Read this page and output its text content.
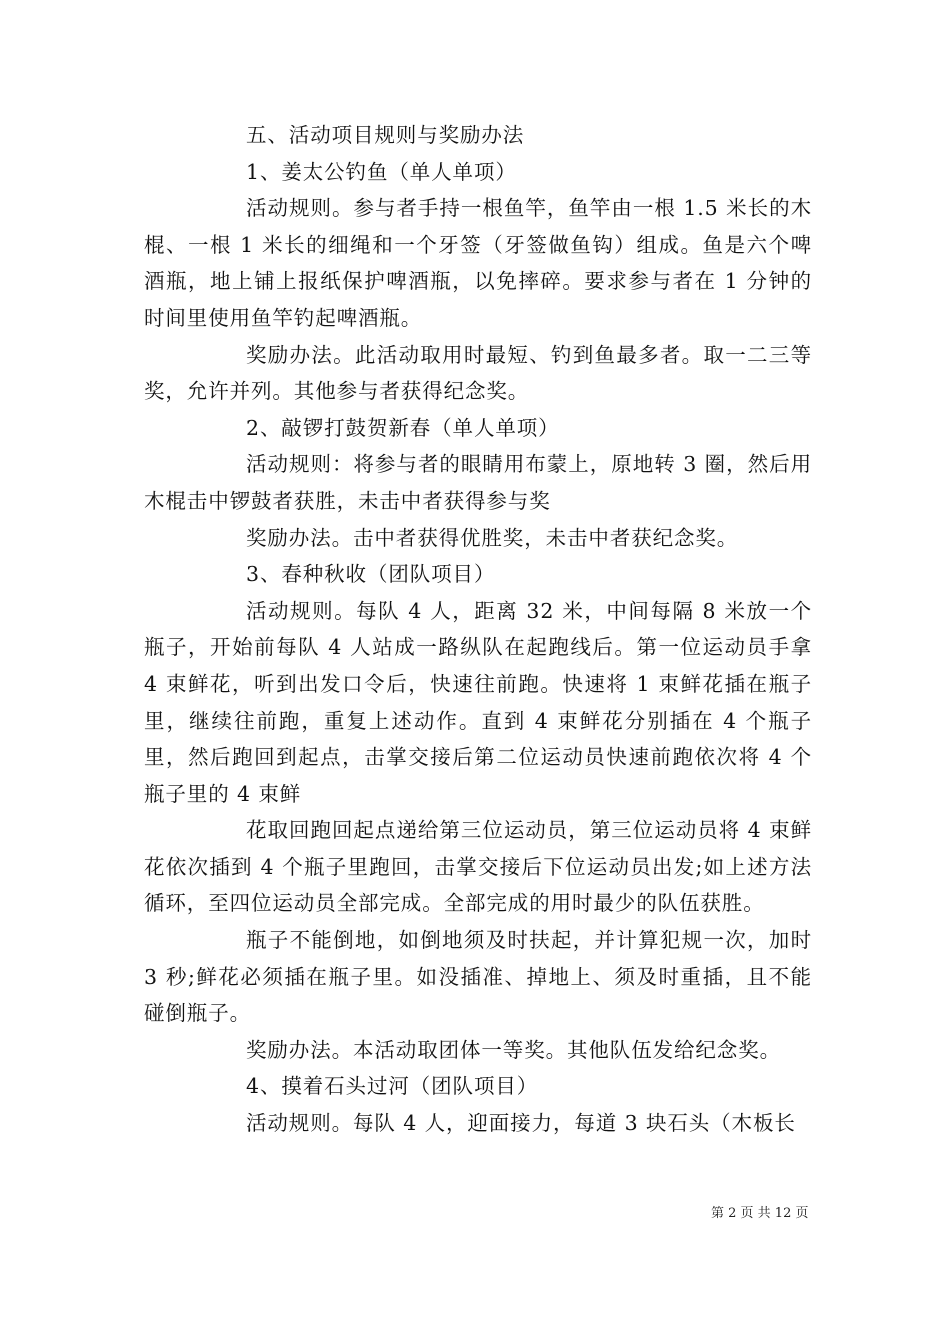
五、活动项目规则与奖励办法

1、姜太公钓鱼（单人单项）

活动规则。参与者手持一根鱼竿，鱼竿由一根 1.5 米长的木棍、一根 1 米长的细绳和一个牙签（牙签做鱼钩）组成。鱼是六个啤酒瓶，地上铺上报纸保护啤酒瓶，以免摔碎。要求参与者在 1 分钟的时间里使用鱼竿钓起啤酒瓶。

奖励办法。此活动取用时最短、钓到鱼最多者。取一二三等奖，允许并列。其他参与者获得纪念奖。

2、敲锣打鼓贺新春（单人单项）

活动规则：将参与者的眼睛用布蒙上，原地转 3 圈，然后用木棍击中锣鼓者获胜，未击中者获得参与奖

奖励办法。击中者获得优胜奖，未击中者获纪念奖。

3、春种秋收（团队项目）

活动规则。每队 4 人，距离 32 米，中间每隔 8 米放一个瓶子，开始前每队 4 人站成一路纵队在起跑线后。第一位运动员手拿 4 束鲜花，听到出发口令后，快速往前跑。快速将 1 束鲜花插在瓶子里，继续往前跑，重复上述动作。直到 4 束鲜花分别插在 4 个瓶子里，然后跑回到起点，击掌交接后第二位运动员快速前跑依次将 4 个瓶子里的 4 束鲜

花取回跑回起点递给第三位运动员，第三位运动员将 4 束鲜花依次插到 4 个瓶子里跑回，击掌交接后下位运动员出发;如上述方法循环，至四位运动员全部完成。全部完成的用时最少的队伍获胜。

瓶子不能倒地，如倒地须及时扶起，并计算犯规一次，加时 3 秒;鲜花必须插在瓶子里。如没插准、掉地上、须及时重插，且不能碰倒瓶子。

奖励办法。本活动取团体一等奖。其他队伍发给纪念奖。

4、摸着石头过河（团队项目）

活动规则。每队 4 人，迎面接力，每道 3 块石头（木板长

第 2 页 共 12 页
